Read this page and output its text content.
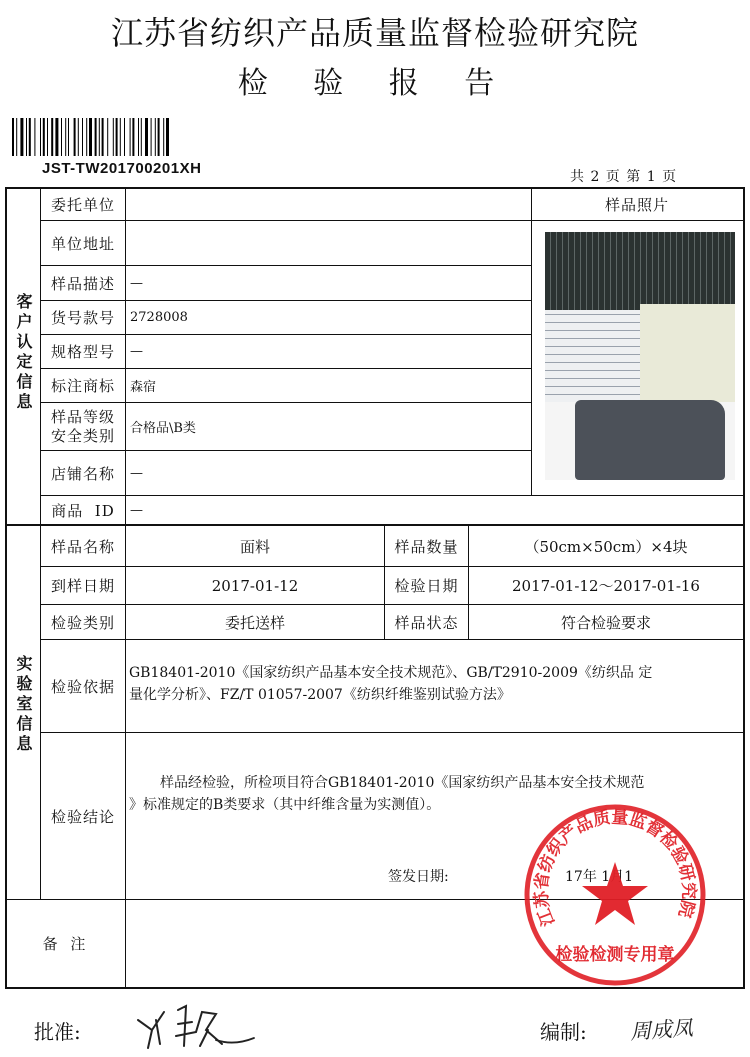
江苏省纺织产品质量监督检验研究院
检 验 报 告
JST-TW201700201XH	共 2 页 第 1 页
客户认定信息
实验室信息
样品照片
委托单位
单位地址
样品描述	—
货号款号	2728008
规格型号	—
标注商标	森宿
样品等级
安全类别	合格品\B类
店铺名称	—
商品  ID	—
样品名称	面料	样品数量	（50cm×50cm）×4块
到样日期	2017-01-12	检验日期	2017-01-12～2017-01-16
检验类别	委托送样	样品状态	符合检验要求
检验依据
GB18401-2010《国家纺织产品基本安全技术规范》、GB/T2910-2009《纺织品 定
量化学分析》、FZ/T 01057-2007《纺织纤维鉴别试验方法》
检验结论
样品经检验，所检项目符合GB18401-2010《国家纺织产品基本安全技术规范
》标准规定的B类要求（其中纤维含量为实测值）。
签发日期:	17年 1月1
备 注
江苏省纺织产品质量监督检验研究院
检验检测专用章
批准:	编制: 周成凤
